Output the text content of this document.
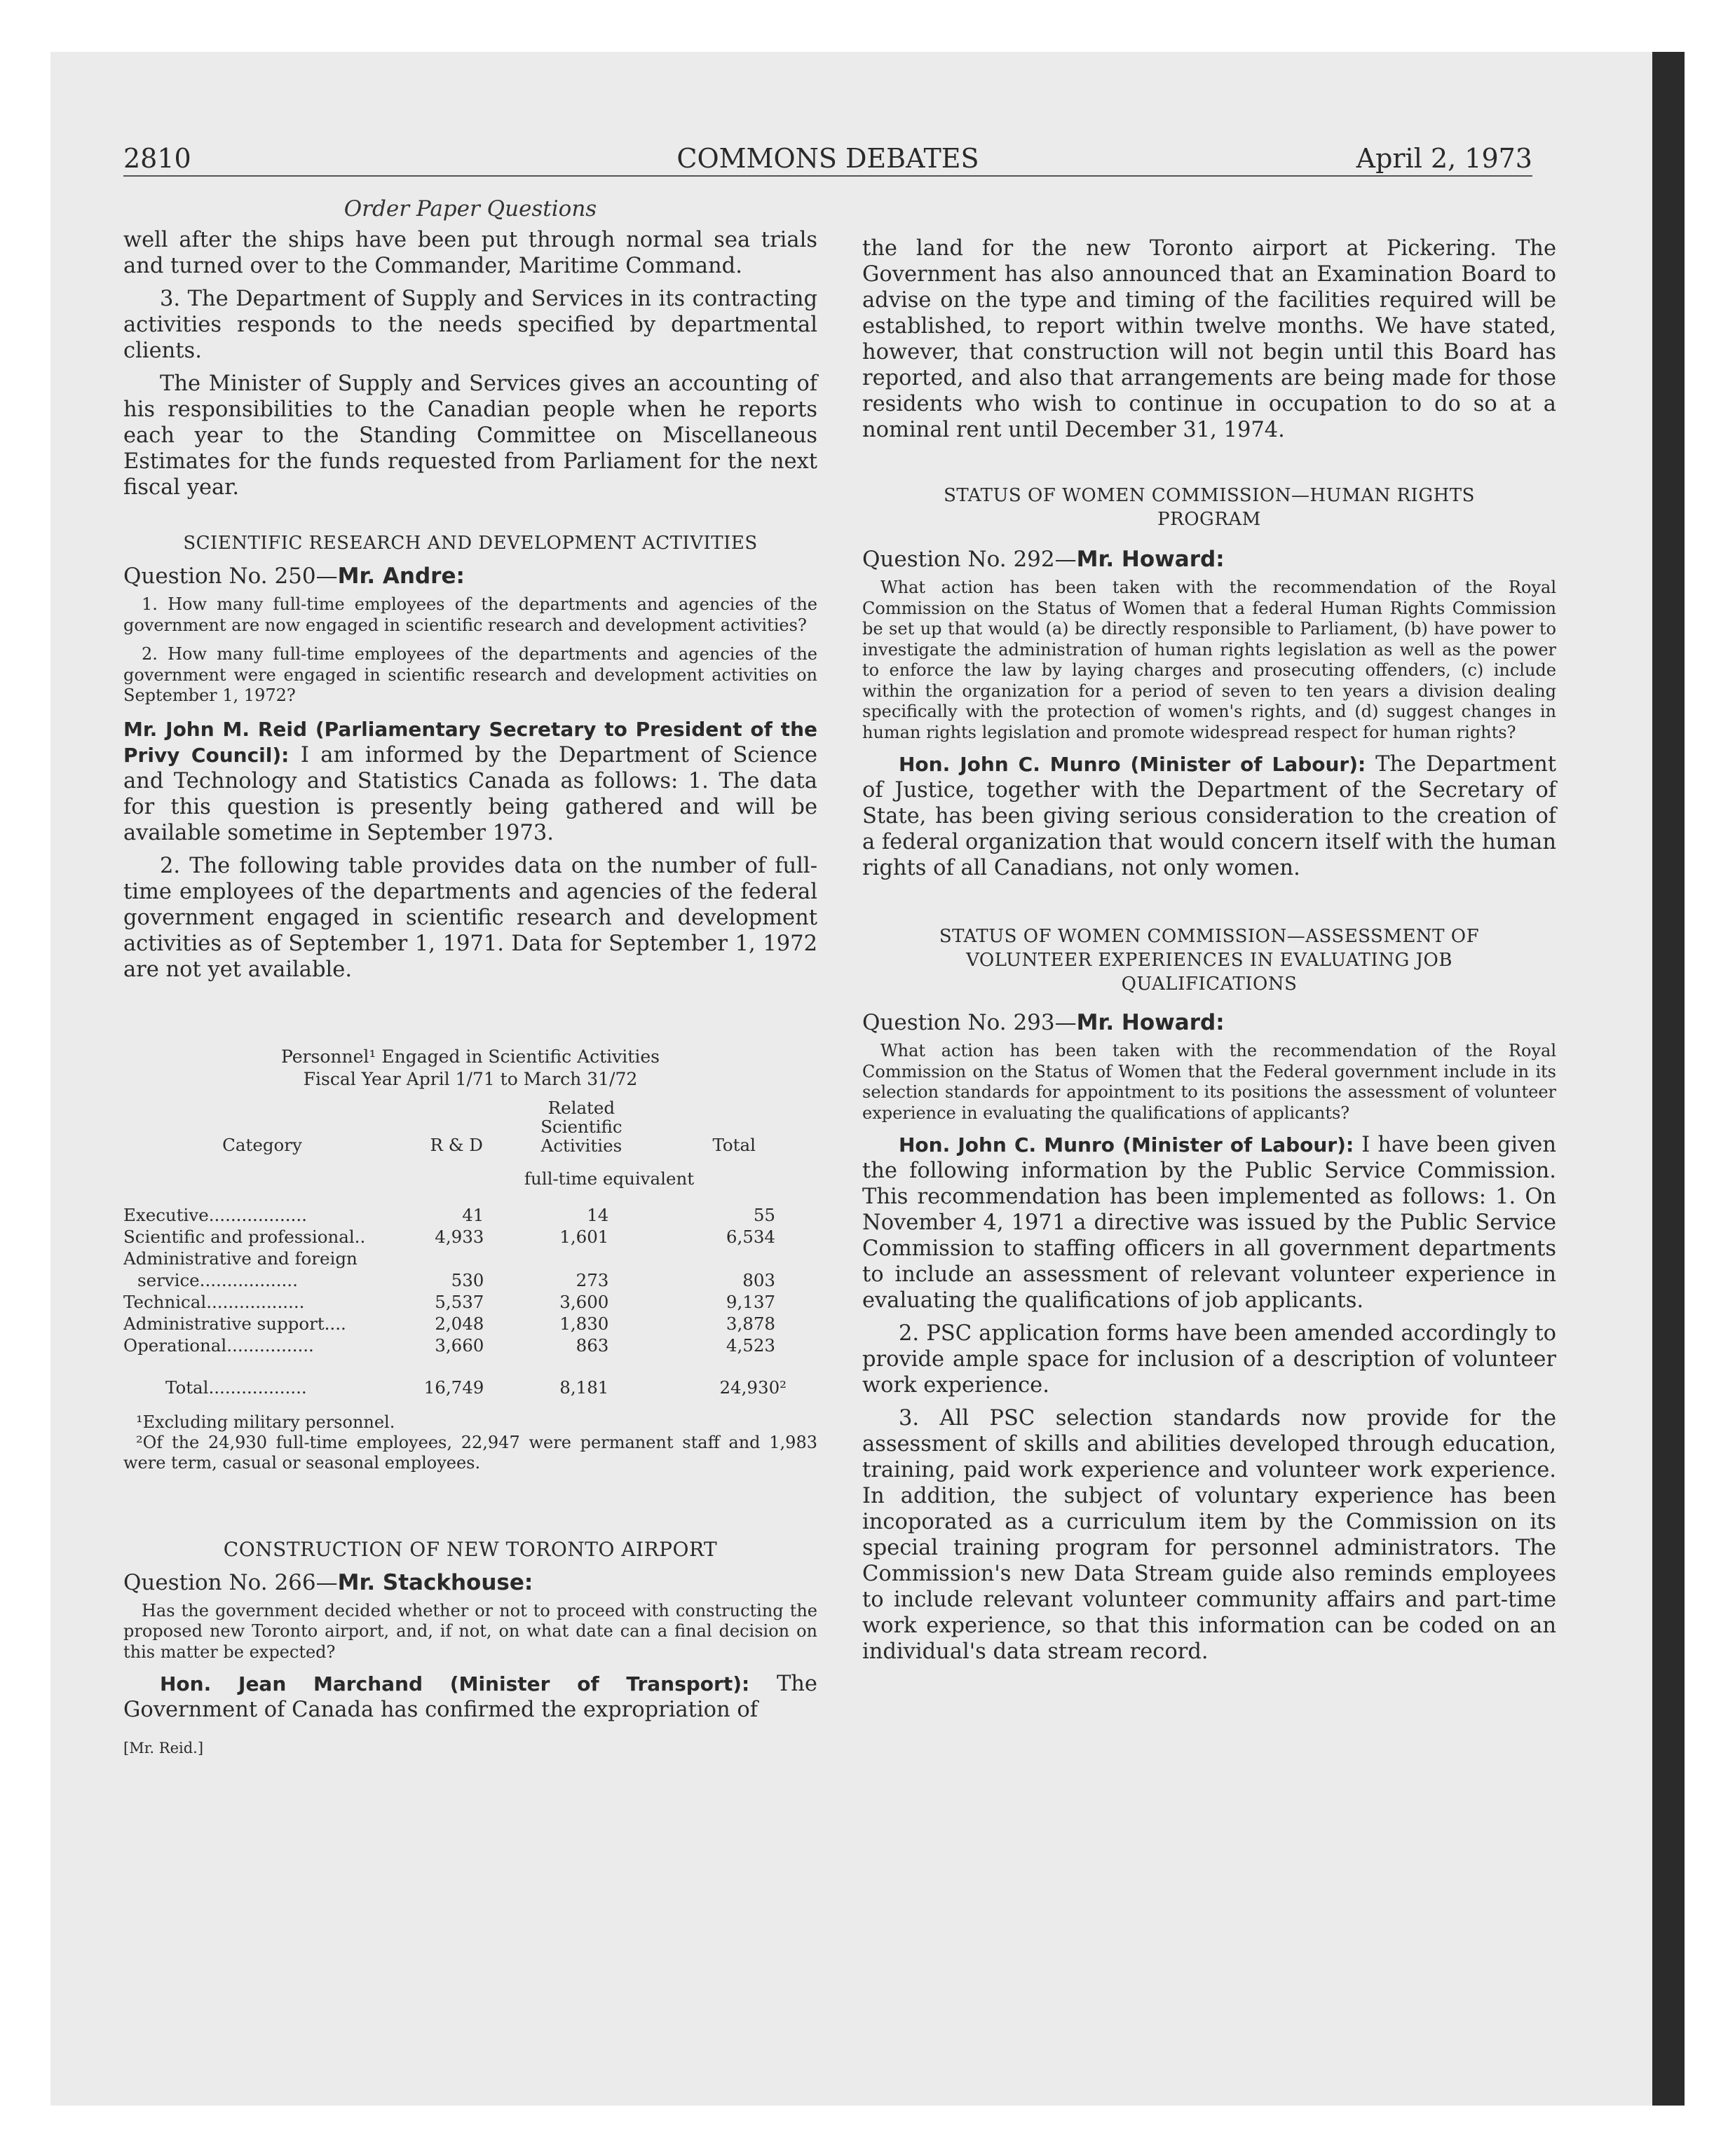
2810	COMMONS DEBATES	April 2, 1973

Order Paper Questions

well after the ships have been put through normal sea trials and turned over to the Commander, Maritime Command.

3. The Department of Supply and Services in its contracting activities responds to the needs specified by departmental clients.

The Minister of Supply and Services gives an accounting of his responsibilities to the Canadian people when he reports each year to the Standing Committee on Miscellaneous Estimates for the funds requested from Parliament for the next fiscal year.

SCIENTIFIC RESEARCH AND DEVELOPMENT ACTIVITIES

Question No. 250—Mr. Andre:

1. How many full-time employees of the departments and agencies of the government are now engaged in scientific research and development activities?

2. How many full-time employees of the departments and agencies of the government were engaged in scientific research and development activities on September 1, 1972?

Mr. John M. Reid (Parliamentary Secretary to President of the Privy Council): I am informed by the Department of Science and Technology and Statistics Canada as follows: 1. The data for this question is presently being gathered and will be available sometime in September 1973.

2. The following table provides data on the number of full-time employees of the departments and agencies of the federal government engaged in scientific research and development activities as of September 1, 1971. Data for September 1, 1972 are not yet available.

Personnel¹ Engaged in Scientific Activities

Fiscal Year April 1/71 to March 31/72

Category	R & D	Related
Scientific
Activities	Total
	full-time equivalent		
Executive..................	41	14	55
Scientific and professional..	4,933	1,601	6,534
Administrative and foreign			
service..................	530	273	803
Technical..................	5,537	3,600	9,137
Administrative support....	2,048	1,830	3,878
Operational................	3,660	863	4,523
Total..................	16,749	8,181	24,930²

¹Excluding military personnel.

²Of the 24,930 full-time employees, 22,947 were permanent staff and 1,983 were term, casual or seasonal employees.

CONSTRUCTION OF NEW TORONTO AIRPORT

Question No. 266—Mr. Stackhouse:

Has the government decided whether or not to proceed with constructing the proposed new Toronto airport, and, if not, on what date can a final decision on this matter be expected?

Hon. Jean Marchand (Minister of Transport): The Government of Canada has confirmed the expropriation of

[Mr. Reid.]

the land for the new Toronto airport at Pickering. The Government has also announced that an Examination Board to advise on the type and timing of the facilities required will be established, to report within twelve months. We have stated, however, that construction will not begin until this Board has reported, and also that arrangements are being made for those residents who wish to continue in occupation to do so at a nominal rent until December 31, 1974.

STATUS OF WOMEN COMMISSION—HUMAN RIGHTS PROGRAM

Question No. 292—Mr. Howard:

What action has been taken with the recommendation of the Royal Commission on the Status of Women that a federal Human Rights Commission be set up that would (a) be directly responsible to Parliament, (b) have power to investigate the administration of human rights legislation as well as the power to enforce the law by laying charges and prosecuting offenders, (c) include within the organization for a period of seven to ten years a division dealing specifically with the protection of women's rights, and (d) suggest changes in human rights legislation and promote widespread respect for human rights?

Hon. John C. Munro (Minister of Labour): The Department of Justice, together with the Department of the Secretary of State, has been giving serious consideration to the creation of a federal organization that would concern itself with the human rights of all Canadians, not only women.

STATUS OF WOMEN COMMISSION—ASSESSMENT OF VOLUNTEER EXPERIENCES IN EVALUATING JOB QUALIFICATIONS

Question No. 293—Mr. Howard:

What action has been taken with the recommendation of the Royal Commission on the Status of Women that the Federal government include in its selection standards for appointment to its positions the assessment of volunteer experience in evaluating the qualifications of applicants?

Hon. John C. Munro (Minister of Labour): I have been given the following information by the Public Service Commission. This recommendation has been implemented as follows: 1. On November 4, 1971 a directive was issued by the Public Service Commission to staffing officers in all government departments to include an assessment of relevant volunteer experience in evaluating the qualifications of job applicants.

2. PSC application forms have been amended accordingly to provide ample space for inclusion of a description of volunteer work experience.

3. All PSC selection standards now provide for the assessment of skills and abilities developed through education, training, paid work experience and volunteer work experience. In addition, the subject of voluntary experience has been incoporated as a curriculum item by the Commission on its special training program for personnel administrators. The Commission's new Data Stream guide also reminds employees to include relevant volunteer community affairs and part-time work experience, so that this information can be coded on an individual's data stream record.
